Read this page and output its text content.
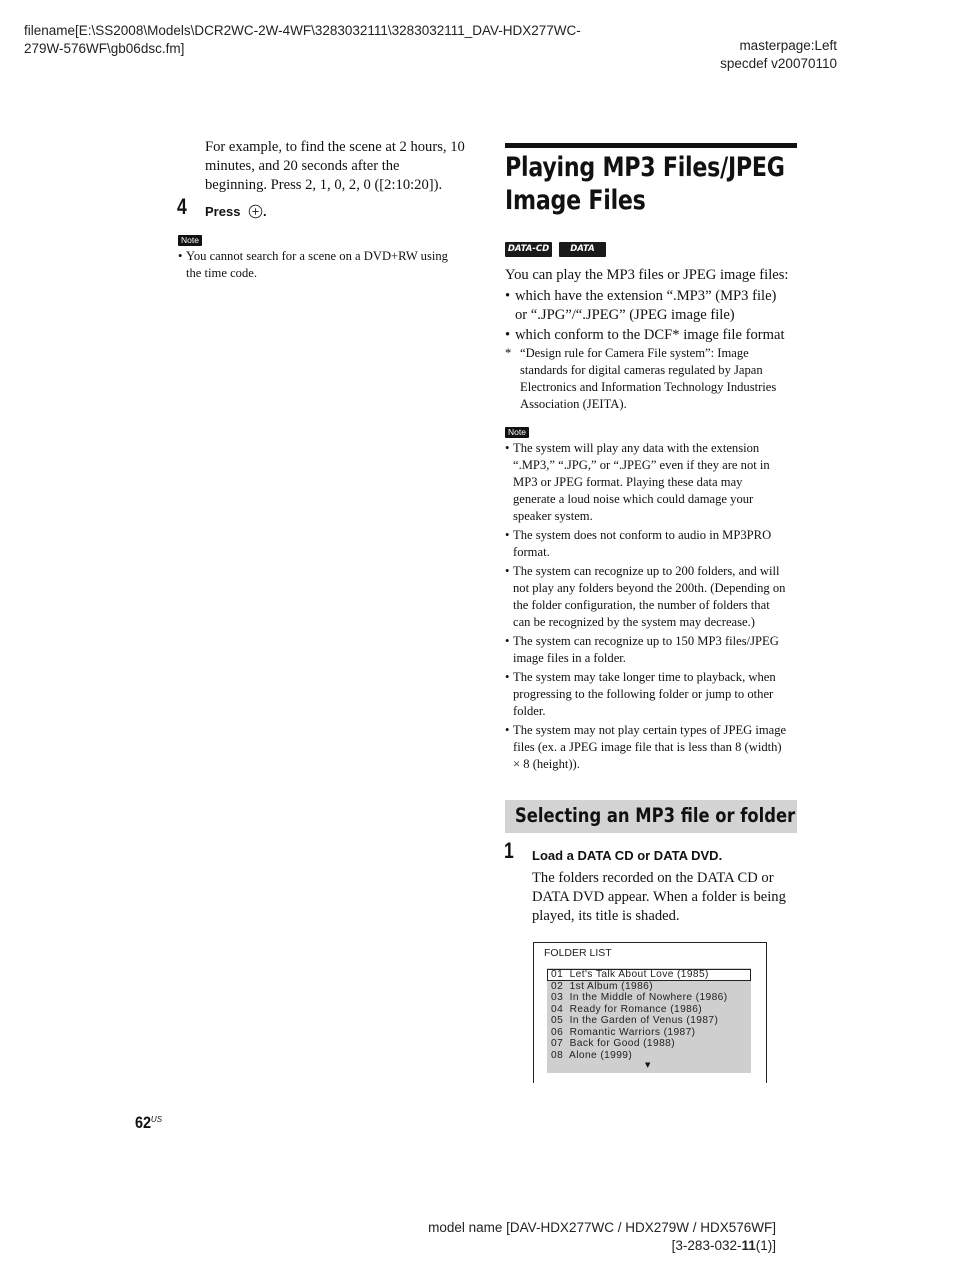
filename[E:\SS2008\Models\DCR2WC-2W-4WF\3283032111\3283032111_DAV-HDX277WC-
279W-576WF\gb06dsc.fm]	masterpage:Left
specdef v20070110
For example, to find the scene at 2 hours, 10
minutes, and 20 seconds after the
beginning. Press 2, 1, 0, 2, 0 ([2:10:20]).
4 Press .
Note
• You cannot search for a scene on a DVD+RW using
the time code.
Playing MP3 Files/JPEG
Image Files
DATA-CD	DATA DVD
You can play the MP3 files or JPEG image files:
• which have the extension “.MP3” (MP3 file)
or “.JPG”/“.JPEG” (JPEG image file)
• which conform to the DCF* image file format
* “Design rule for Camera File system”: Image
standards for digital cameras regulated by Japan
Electronics and Information Technology Industries
Association (JEITA).
Note
• The system will play any data with the extension
“.MP3,” “.JPG,” or “.JPEG” even if they are not in
MP3 or JPEG format. Playing these data may
generate a loud noise which could damage your
speaker system.
• The system does not conform to audio in MP3PRO
format.
• The system can recognize up to 200 folders, and will
not play any folders beyond the 200th. (Depending on
the folder configuration, the number of folders that
can be recognized by the system may decrease.)
• The system can recognize up to 150 MP3 files/JPEG
image files in a folder.
• The system may take longer time to playback, when
progressing to the following folder or jump to other
folder.
• The system may not play certain types of JPEG image
files (ex. a JPEG image file that is less than 8 (width)
× 8 (height)).
Selecting an MP3 file or folder
1 Load a DATA CD or DATA DVD.
The folders recorded on the DATA CD or
DATA DVD appear. When a folder is being
played, its title is shaded.
FOLDER LIST
01  Let's Talk About Love (1985)
02  1st Album (1986)
03  In the Middle of Nowhere (1986)
04  Ready for Romance (1986)
05  In the Garden of Venus (1987)
06  Romantic Warriors (1987)
07  Back for Good (1988)
08  Alone (1999)
▼
$62^{US}$
model name [DAV-HDX277WC / HDX279W / HDX576WF]
[3-283-032-11(1)]
